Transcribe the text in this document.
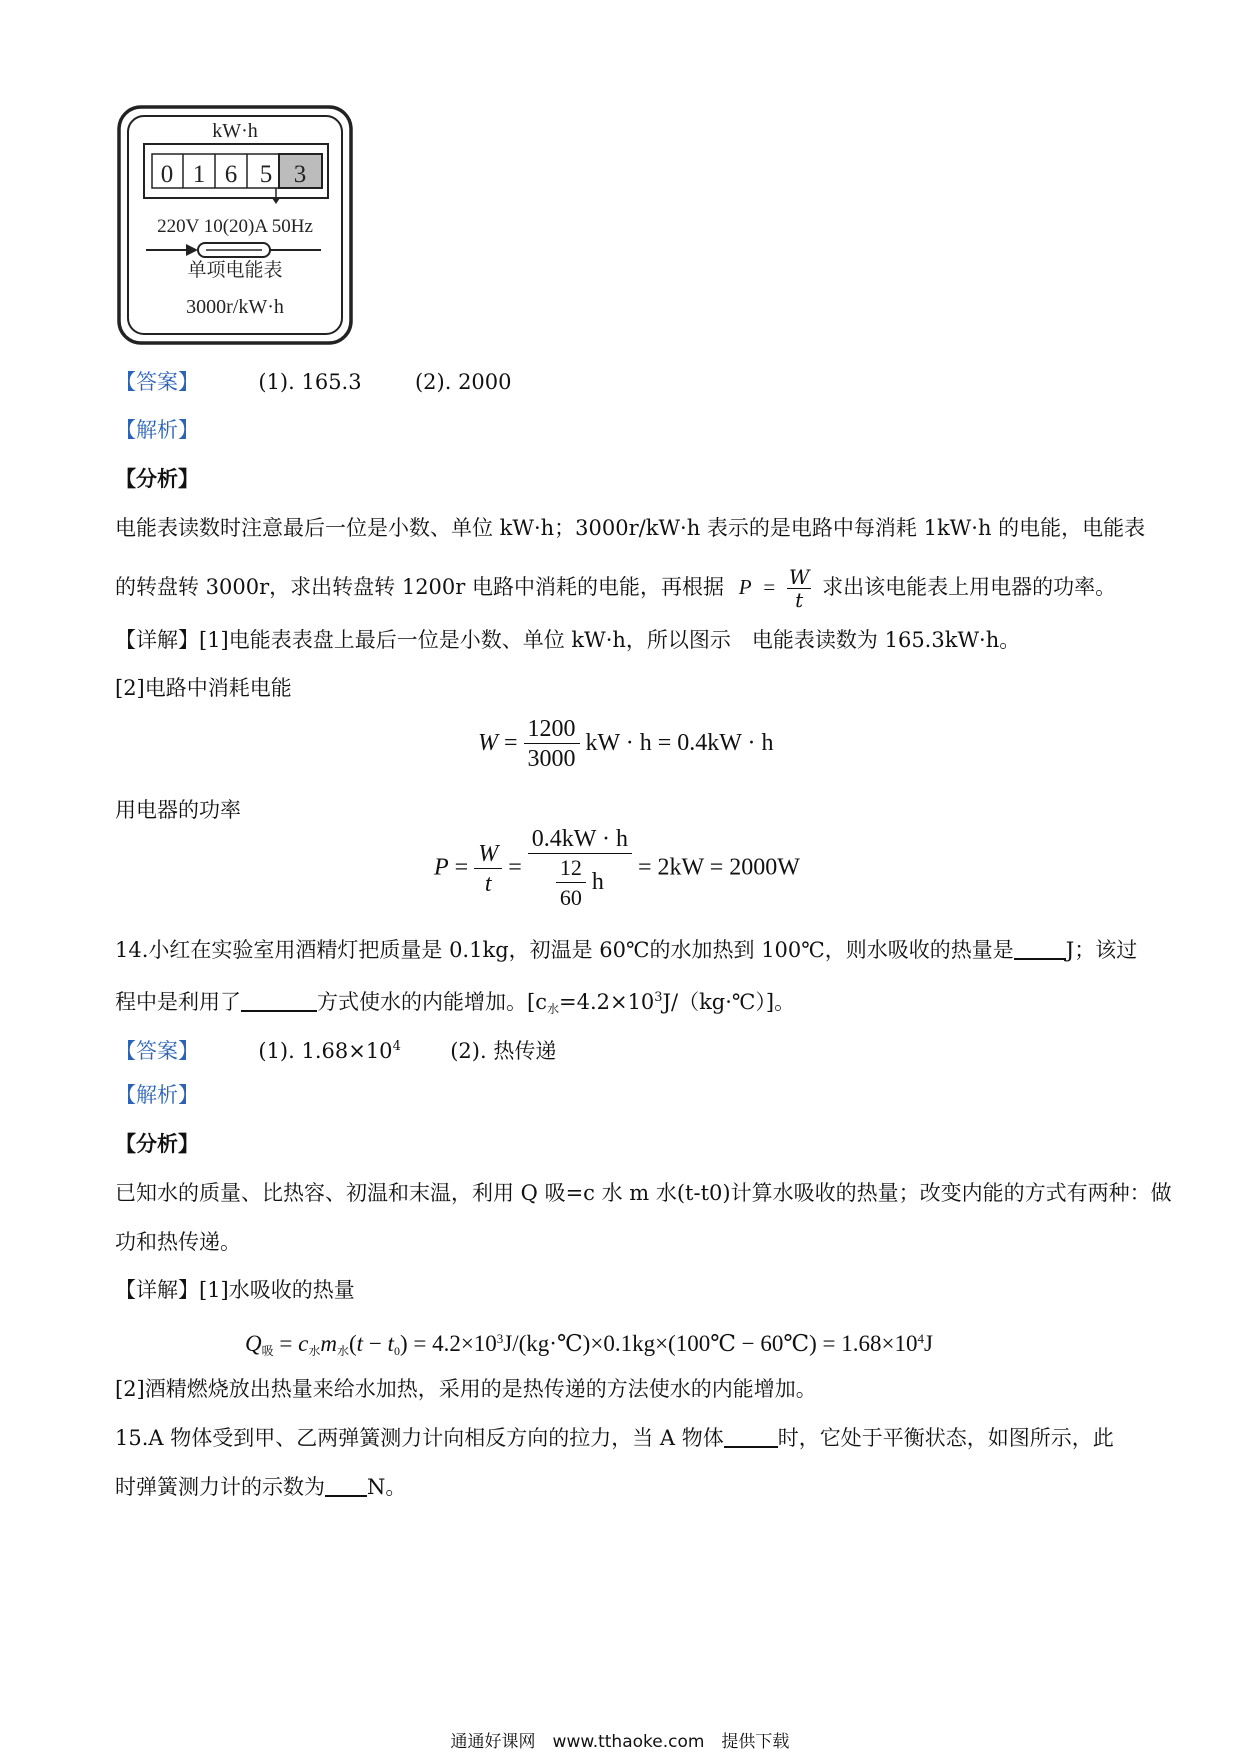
kW·h
0 1 6 5 3
220V 10(20)A 50Hz
单项电能表
3000r/kW·h
【答案】	(1). 165.3	(2). 2000
【解析】
【分析】
电能表读数时注意最后一位是小数、单位 kW·h；3000r/kW·h 表示的是电路中每消耗 1kW·h 的电能，电能表
的转盘转 3000r，求出转盘转 1200r 电路中消耗的电能，再根据 $P = \frac{W}{t}$ 求出该电能表上用电器的功率。
【详解】[1]电能表表盘上最后一位是小数、单位 kW·h，所以图示　电能表读数为 165.3kW·h。
[2]电路中消耗电能
$W = \frac{1200}{3000}$ kW · h = 0.4kW · h
用电器的功率
$P = \frac{W}{t} = \frac{0.4kW \cdot h}{\frac{12}{60} h} = 2kW = 2000W$
14.小红在实验室用酒精灯把质量是 0.1kg，初温是 60℃的水加热到 100℃，则水吸收的热量是 J；该过
程中是利用了	方式使水的内能增加。$[c_水=4.2\times 10^3J/(kg\cdot℃)]$。
【答案】	(1). $1.68\times 10^4$ (2). 热传递
【解析】
【分析】
已知水的质量、比热容、初温和末温，利用 Q 吸=c 水 m 水(t-t0)计算水吸收的热量；改变内能的方式有两种：做
功和热传递。
【详解】[1]水吸收的热量
$Q_吸 = c_水m_水(t - t_0)$ = $4.2\times 10^3J/(kg\cdot℃)\times 0.1kg\times(100℃$ − 60℃) = $1.68\times 10^4J$
[2]酒精燃烧放出热量来给水加热，采用的是热传递的方法使水的内能增加。
15.A 物体受到甲、乙两弹簧测力计向相反方向的拉力，当 A 物体	时，它处于平衡状态，如图所示，此
时弹簧测力计的示数为 N。
通通好课网　www.tthaoke.com　提供下载
